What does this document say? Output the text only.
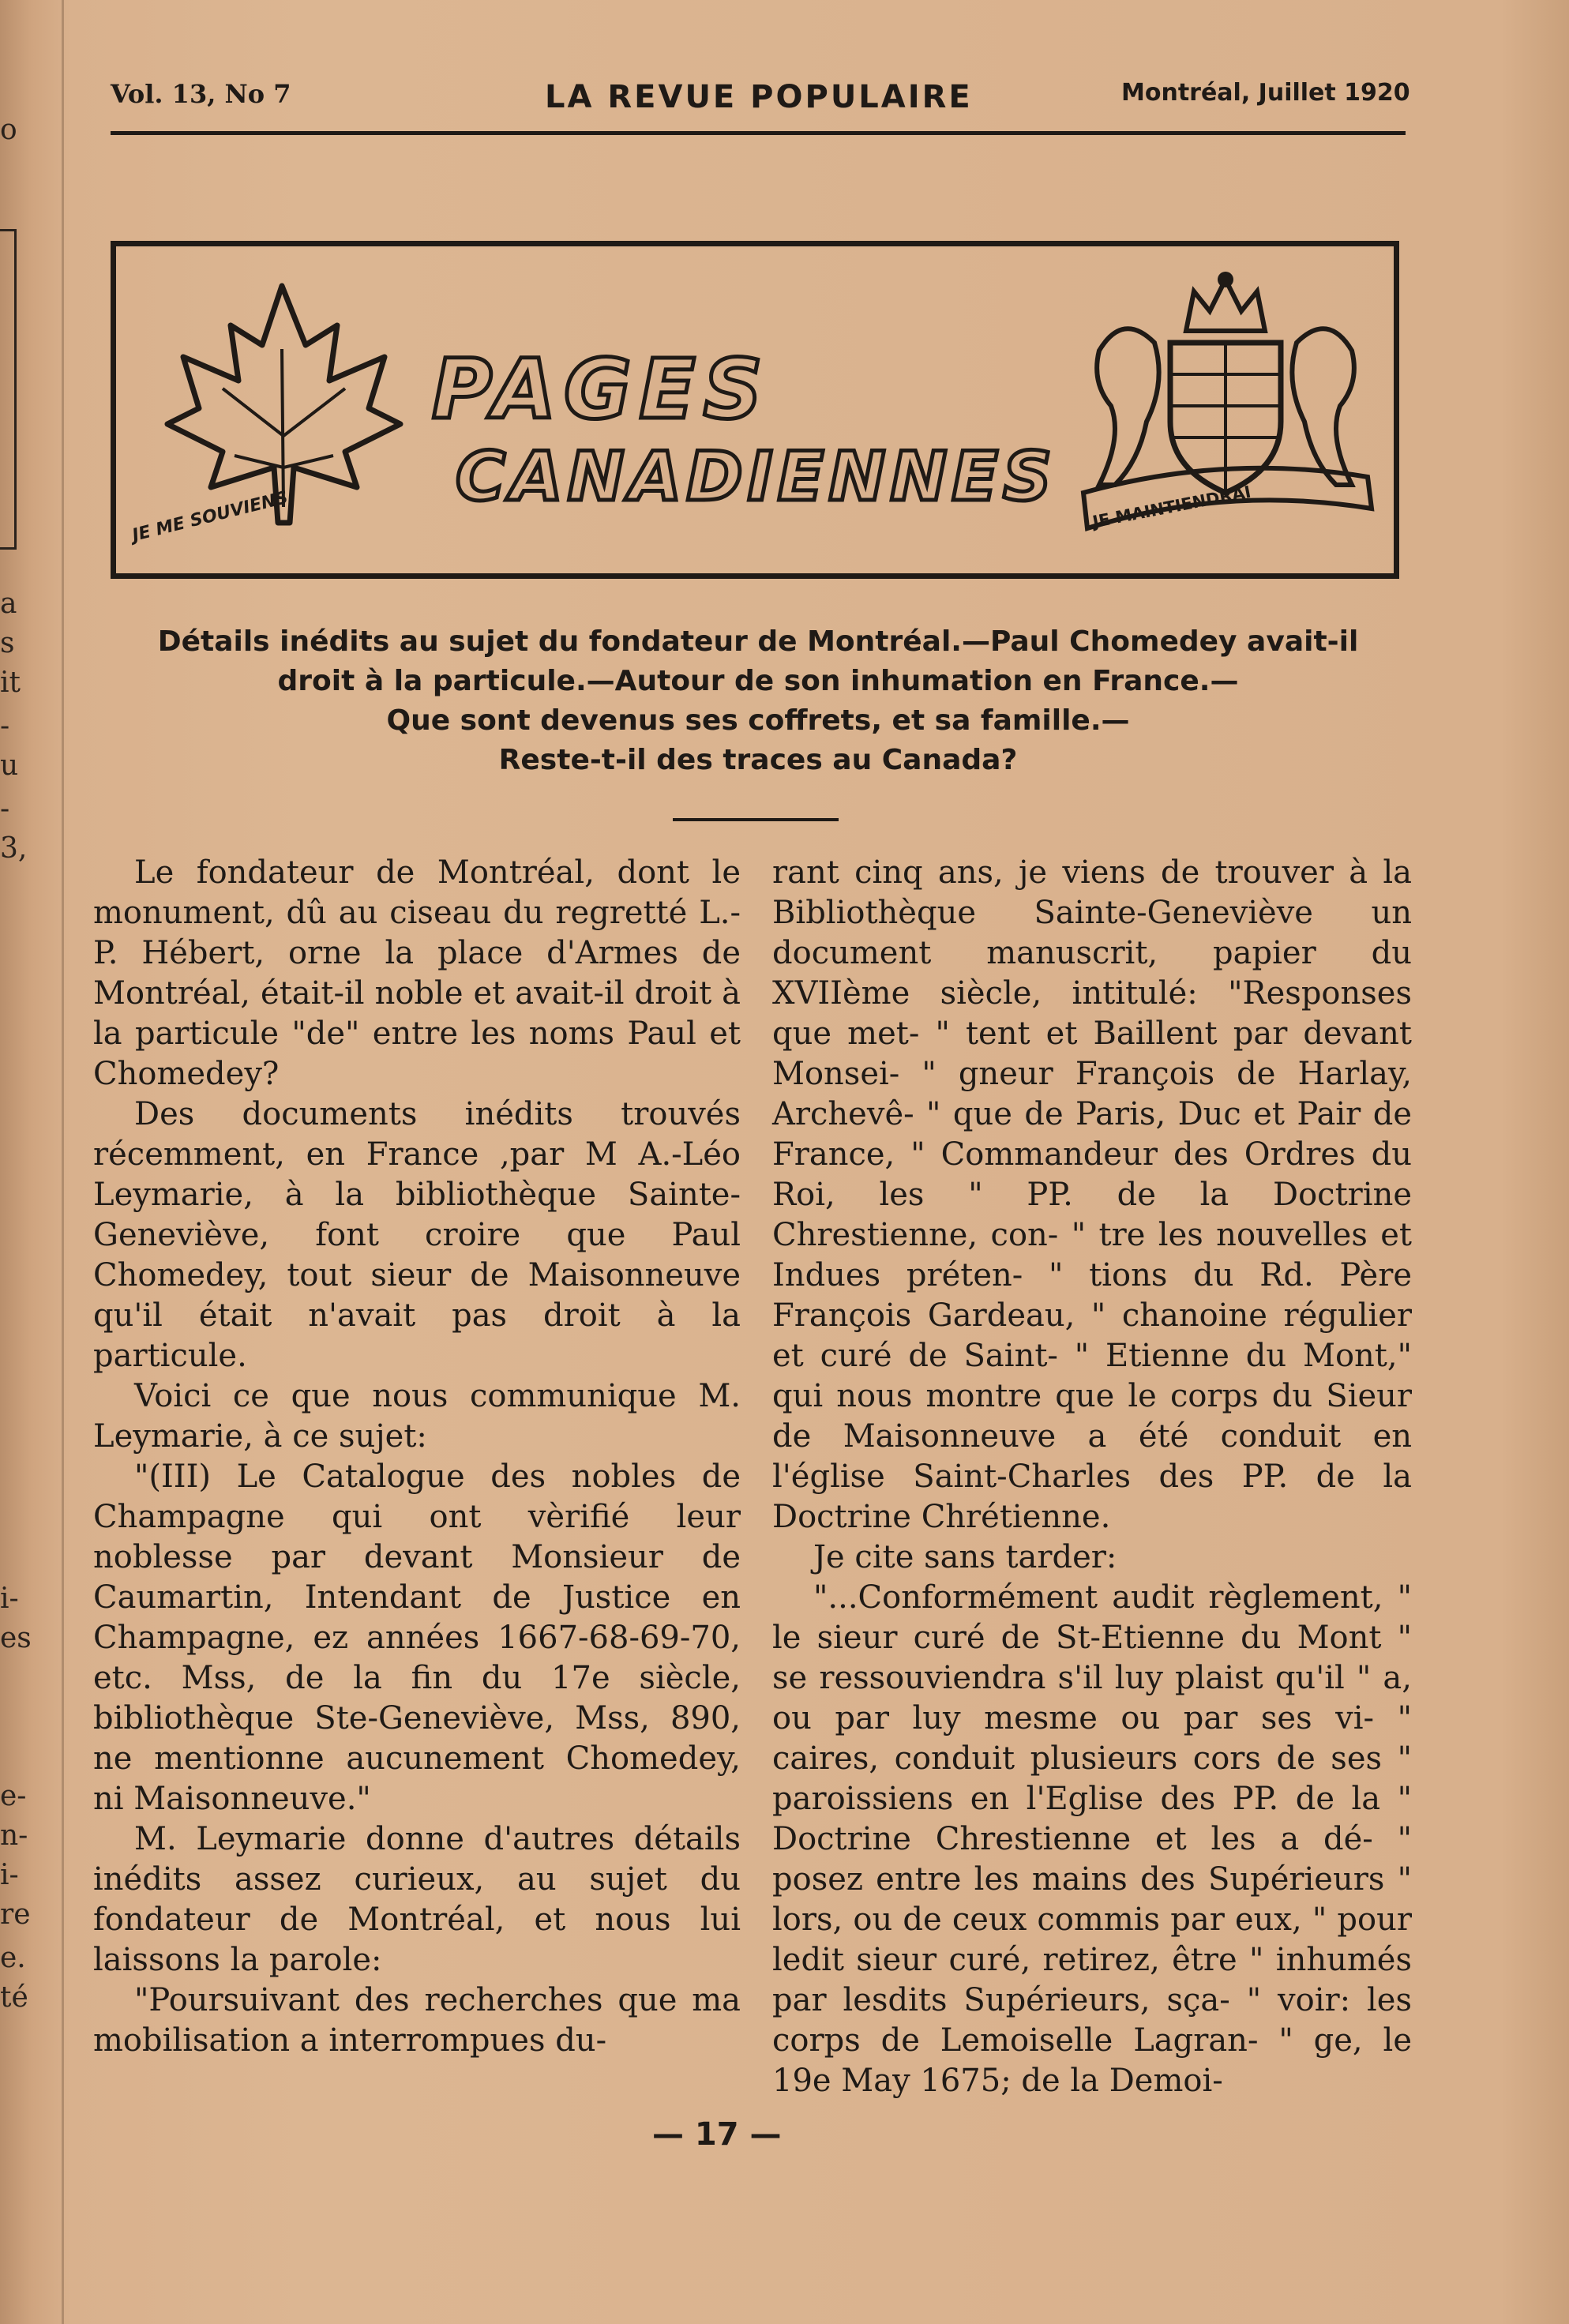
o
a
s
it
-
u
-
3,
i-
es
e-
n-
i-
re
e.
té
Vol. 13, No 7	LA REVUE POPULAIRE	Montréal, Juillet 1920
JE ME SOUVIENS
PAGES
CANADIENNES JE MAINTIENDRAI
Détails inédits au sujet du fondateur de Montréal.—Paul Chomedey avait-il
droit à la particule.—Autour de son inhumation en France.—
Que sont devenus ses coffrets, et sa famille.—
Reste-t-il des traces au Canada?

Le fondateur de Montréal, dont le monument, dû au ciseau du regretté L.-P. Hébert, orne la place d'Armes de Montréal, était-il noble et avait-il droit à la particule "de" entre les noms Paul et Chomedey?

Des documents inédits trouvés récemment, en France ,par M A.-Léo Leymarie, à la bibliothèque Sainte-Geneviève, font croire que Paul Chomedey, tout sieur de Maisonneuve qu'il était n'avait pas droit à la particule.

Voici ce que nous communique M. Leymarie, à ce sujet:

"(III) Le Catalogue des nobles de Champagne qui ont vèrifié leur noblesse par devant Monsieur de Caumartin, Intendant de Justice en Champagne, ez années 1667-68-69-70, etc. Mss, de la fin du 17e siècle, bibliothèque Ste-Geneviève, Mss, 890, ne mentionne aucunement Chomedey, ni Maisonneuve."

M. Leymarie donne d'autres détails inédits assez curieux, au sujet du fondateur de Montréal, et nous lui laissons la parole:

"Poursuivant des recherches que ma mobilisation a interrompues du-

rant cinq ans, je viens de trouver à la Bibliothèque Sainte-Geneviève un document manuscrit, papier du XVIIème siècle, intitulé: "Responses que met- " tent et Baillent par devant Monsei- " gneur François de Harlay, Archevê- " que de Paris, Duc et Pair de France, " Commandeur des Ordres du Roi, les " PP. de la Doctrine Chrestienne, con- " tre les nouvelles et Indues préten- " tions du Rd. Père François Gardeau, " chanoine régulier et curé de Saint- " Etienne du Mont," qui nous montre que le corps du Sieur de Maisonneuve a été conduit en l'église Saint-Charles des PP. de la Doctrine Chrétienne.

Je cite sans tarder:

"...Conformément audit règlement, " le sieur curé de St-Etienne du Mont " se ressouviendra s'il luy plaist qu'il " a, ou par luy mesme ou par ses vi- " caires, conduit plusieurs cors de ses " paroissiens en l'Eglise des PP. de la " Doctrine Chrestienne et les a dé- " posez entre les mains des Supérieurs " lors, ou de ceux commis par eux, " pour ledit sieur curé, retirez, être " inhumés par lesdits Supérieurs, sça- " voir: les corps de Lemoiselle Lagran- " ge, le 19e May 1675; de la Demoi-

— 17 —
